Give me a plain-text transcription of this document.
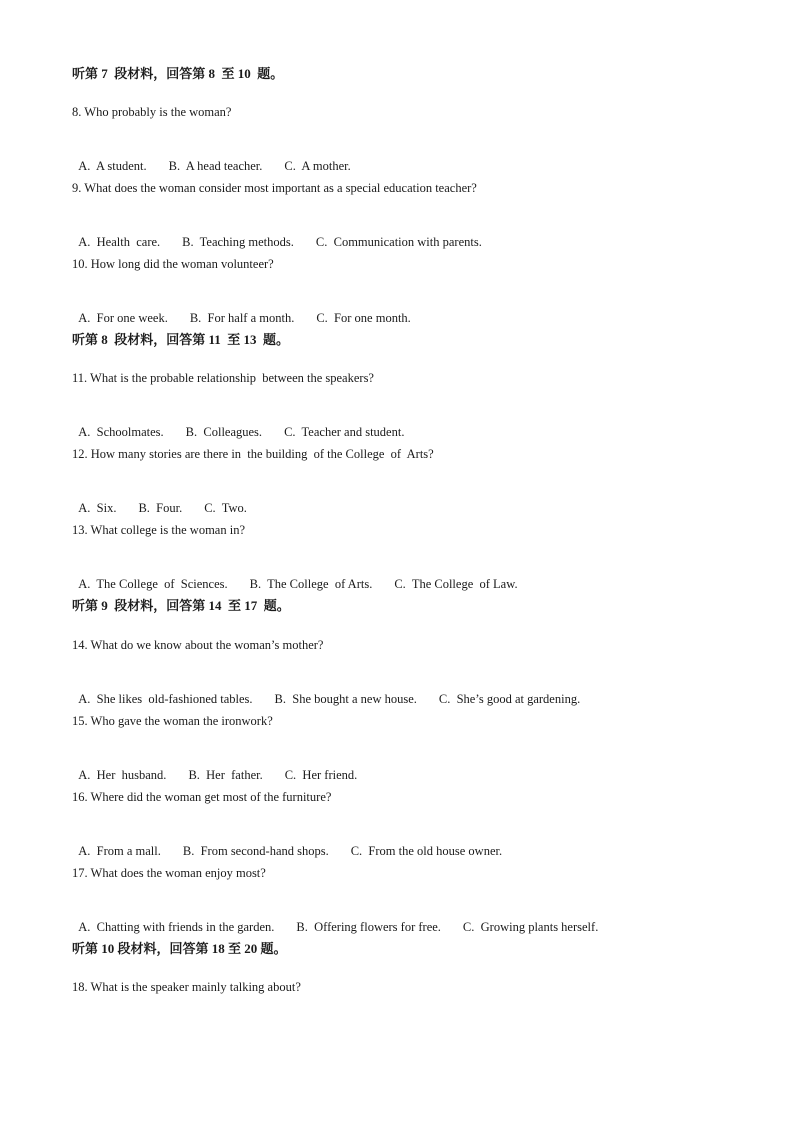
听第 7  段材料，回答第 8  至 10  题。
8. Who probably is the woman?

A.  A student. B.  A head teacher. C.  A mother.

9. What does the woman consider most important as a special education teacher?

A.  Health  care. B.  Teaching methods. C.  Communication with parents.

10. How long did the woman volunteer?

A.  For one week. B.  For half a month. C.  For one month.

听第 8  段材料，回答第 11  至 13  题。
11. What is the probable relationship  between the speakers?

A.  Schoolmates. B.  Colleagues. C.  Teacher and student.

12. How many stories are there in  the building  of the College  of  Arts?

A.  Six. B.  Four. C.  Two.

13. What college is the woman in?

A.  The College  of  Sciences. B.  The College  of Arts. C.  The College  of Law.

听第 9  段材料，回答第 14  至 17  题。
14. What do we know about the woman’s mother?

A.  She likes  old-fashioned tables. B.  She bought a new house. C.  She’s good at gardening.

15. Who gave the woman the ironwork?

A.  Her  husband. B.  Her  father. C.  Her friend.

16. Where did the woman get most of the furniture?

A.  From a mall. B.  From second-hand shops. C.  From the old house owner.

17. What does the woman enjoy most?

A.  Chatting with friends in the garden. B.  Offering flowers for free. C.  Growing plants herself.

听第 10 段材料，回答第 18 至 20 题。
18. What is the speaker mainly talking about?
